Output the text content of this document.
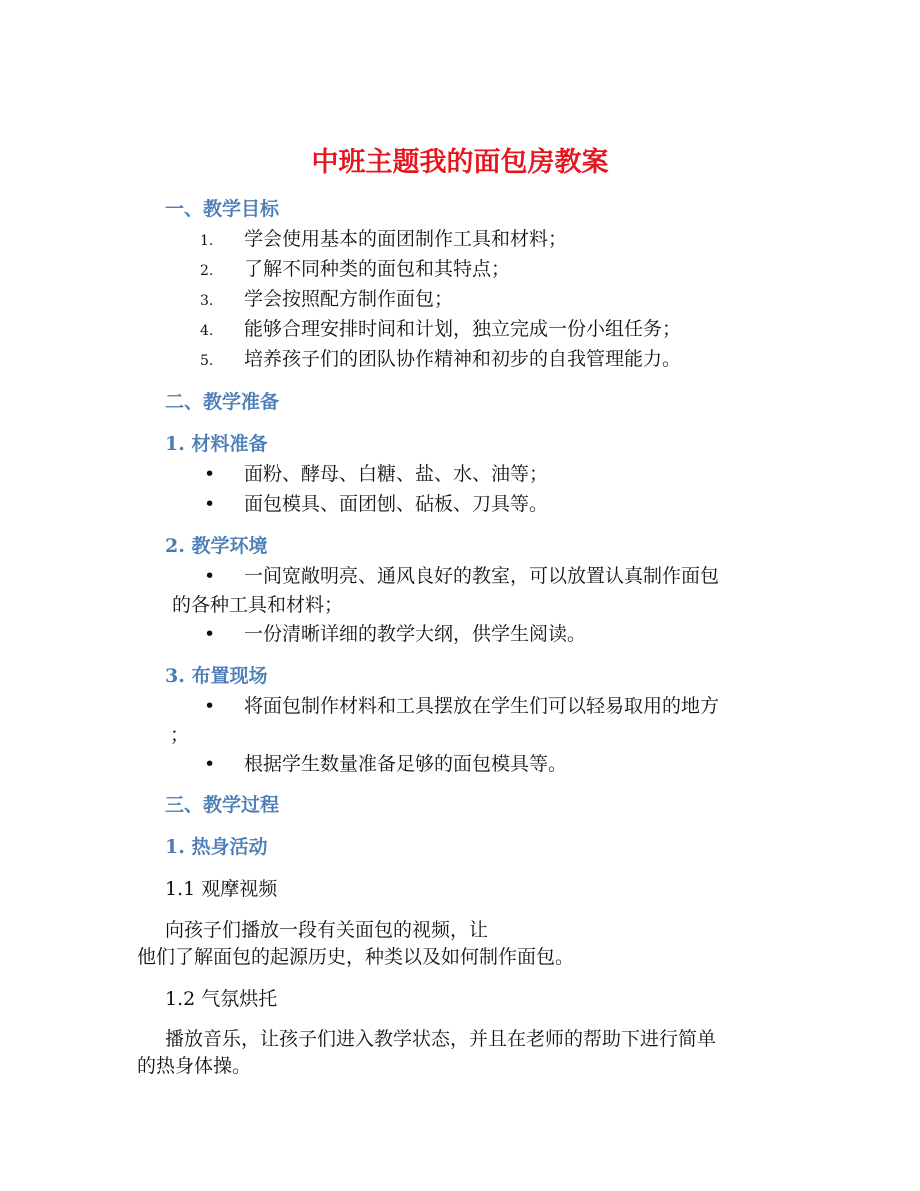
中班主题我的面包房教案
一、教学目标

1. 学会使用基本的面团制作工具和材料；

2. 了解不同种类的面包和其特点；

3. 学会按照配方制作面包；

4. 能够合理安排时间和计划，独立完成一份小组任务；

5. 培养孩子们的团队协作精神和初步的自我管理能力。

二、教学准备
1. 材料准备

• 面粉、酵母、白糖、盐、水、油等；

• 面包模具、面团刨、砧板、刀具等。

2. 教学环境

• 一间宽敞明亮、通风良好的教室，可以放置认真制作面包

的各种工具和材料；

• 一份清晰详细的教学大纲，供学生阅读。

3. 布置现场

• 将面包制作材料和工具摆放在学生们可以轻易取用的地方

；

• 根据学生数量准备足够的面包模具等。

三、教学过程
1. 热身活动

1.1 观摩视频

向孩子们播放一段有关面包的视频，让

他们了解面包的起源历史，种类以及如何制作面包。

1.2 气氛烘托

播放音乐，让孩子们进入教学状态，并且在老师的帮助下进行简单

的热身体操。
